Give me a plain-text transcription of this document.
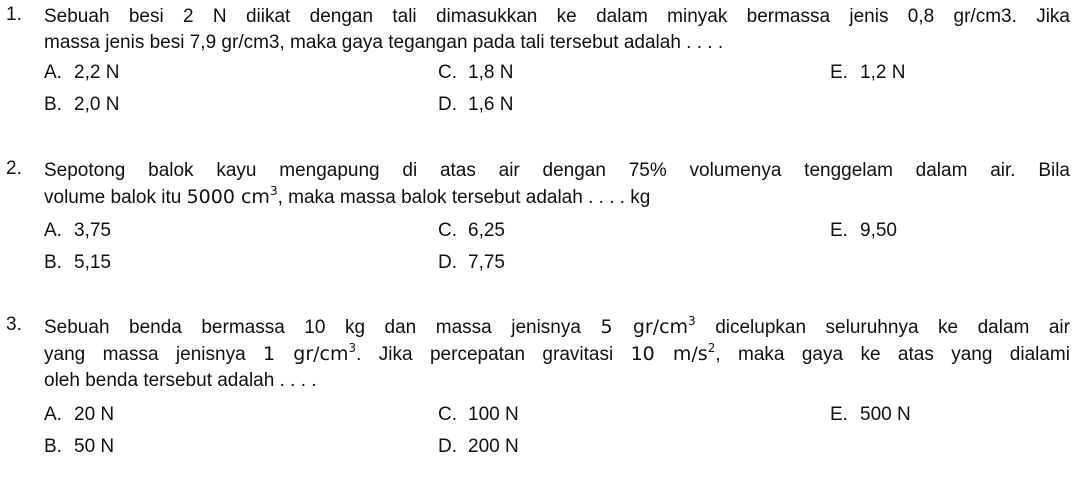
1. Sebuah besi 2 N diikat dengan tali dimasukkan ke dalam minyak bermassa jenis 0,8 gr/cm3. Jika
massa jenis besi 7,9 gr/cm3, maka gaya tegangan pada tali tersebut adalah . . . .
A. 2,2 N
B. 2,0 N
C. 1,8 N
D. 1,6 N
E. 1,2 N
2. Sepotong balok kayu mengapung di atas air dengan 75% volumenya tenggelam dalam air. Bila
volume balok itu 5000 $cm^3$, maka massa balok tersebut adalah . . . . kg
A. 3,75
B. 5,15
C. 6,25
D. 7,75
E. 9,50
3. Sebuah benda bermassa 10 kg dan massa jenisnya 5 $gr/cm^3$ dicelupkan seluruhnya ke dalam air
yang massa jenisnya 1 $gr/cm^3$. Jika percepatan gravitasi 10 $m/s^2$, maka gaya ke atas yang dialami
oleh benda tersebut adalah . . . .
A. 20 N
B. 50 N
C. 100 N
D. 200 N
E. 500 N
